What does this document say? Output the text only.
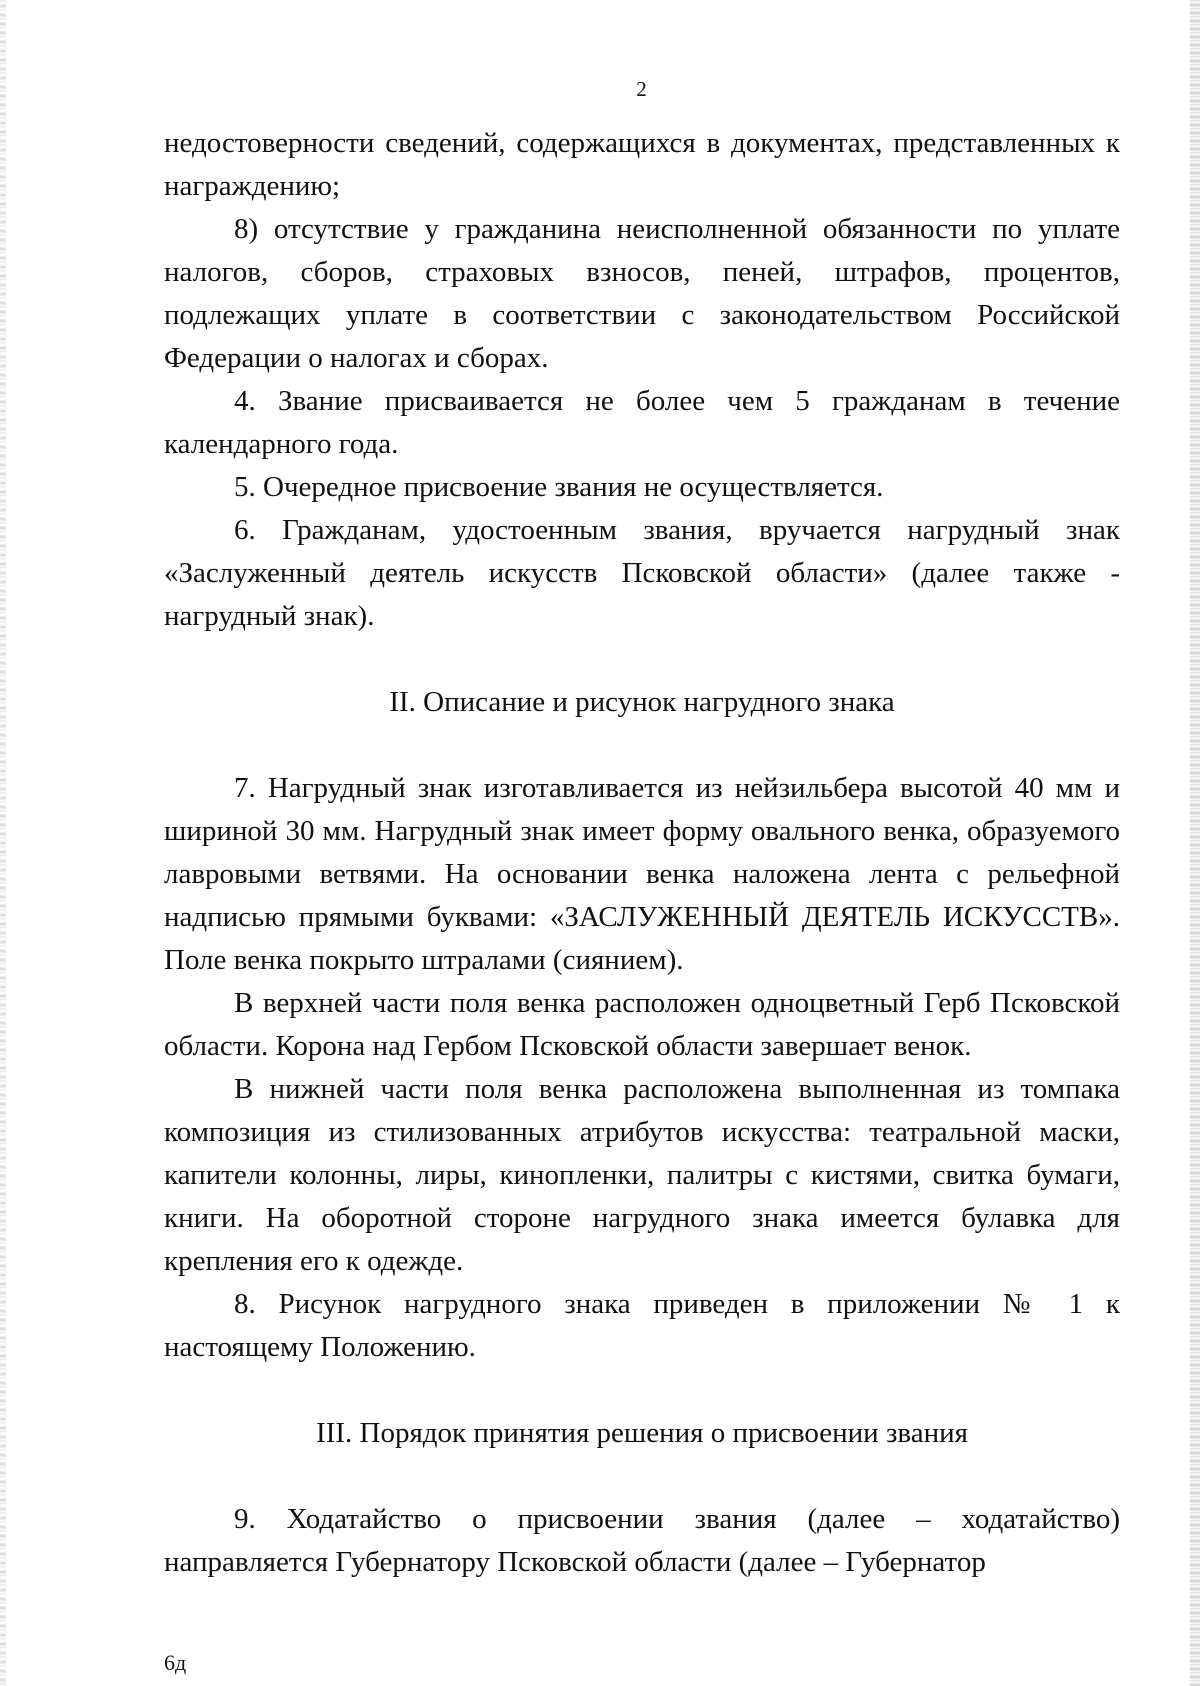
2

недостоверности сведений, содержащихся в документах, представленных к награждению;

8) отсутствие у гражданина неисполненной обязанности по уплате налогов, сборов, страховых взносов, пеней, штрафов, процентов, подлежащих уплате в соответствии с законодательством Российской Федерации о налогах и сборах.

4. Звание присваивается не более чем 5 гражданам в течение календарного года.

5. Очередное присвоение звания не осуществляется.

6. Гражданам, удостоенным звания, вручается нагрудный знак «Заслуженный деятель искусств Псковской области» (далее также - нагрудный знак).

II. Описание и рисунок нагрудного знака

7. Нагрудный знак изготавливается из нейзильбера высотой 40 мм и шириной 30 мм. Нагрудный знак имеет форму овального венка, образуемого лавровыми ветвями. На основании венка наложена лента с рельефной надписью прямыми буквами: «ЗАСЛУЖЕННЫЙ ДЕЯТЕЛЬ ИСКУССТВ». Поле венка покрыто штралами (сиянием).

В верхней части поля венка расположен одноцветный Герб Псковской области. Корона над Гербом Псковской области завершает венок.

В нижней части поля венка расположена выполненная из томпака композиция из стилизованных атрибутов искусства: театральной маски, капители колонны, лиры, кинопленки, палитры с кистями, свитка бумаги, книги. На оборотной стороне нагрудного знака имеется булавка для крепления его к одежде.

8. Рисунок нагрудного знака приведен в приложении № 1 к настоящему Положению.

III. Порядок принятия решения о присвоении звания

9. Ходатайство о присвоении звания (далее – ходатайство) направляется Губернатору Псковской области (далее – Губернатор

6д
